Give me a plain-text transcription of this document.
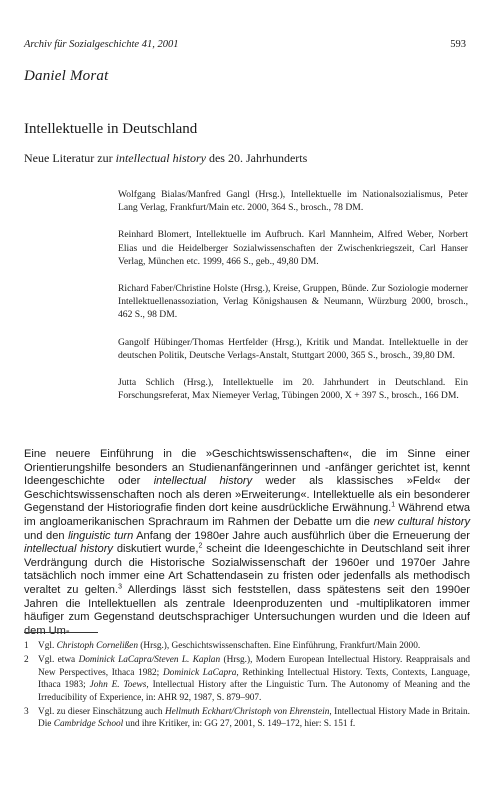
Archiv für Sozialgeschichte 41, 2001	593
Daniel Morat
Intellektuelle in Deutschland
Neue Literatur zur intellectual history des 20. Jahrhunderts

Wolfgang Bialas/Manfred Gangl (Hrsg.), Intellektuelle im Nationalsozialismus, Peter Lang Verlag, Frankfurt/Main etc. 2000, 364 S., brosch., 78 DM.

Reinhard Blomert, Intellektuelle im Aufbruch. Karl Mannheim, Alfred Weber, Norbert Elias und die Heidelberger Sozialwissenschaften der Zwischenkriegszeit, Carl Hanser Verlag, München etc. 1999, 466 S., geb., 49,80 DM.

Richard Faber/Christine Holste (Hrsg.), Kreise, Gruppen, Bünde. Zur Soziologie moderner Intellektuellenassoziation, Verlag Königshausen & Neumann, Würzburg 2000, brosch., 462 S., 98 DM.

Gangolf Hübinger/Thomas Hertfelder (Hrsg.), Kritik und Mandat. Intellektuelle in der deutschen Politik, Deutsche Verlags-Anstalt, Stuttgart 2000, 365 S., brosch., 39,80 DM.

Jutta Schlich (Hrsg.), Intellektuelle im 20. Jahrhundert in Deutschland. Ein Forschungsreferat, Max Niemeyer Verlag, Tübingen 2000, X + 397 S., brosch., 166 DM.

Eine neuere Einführung in die »Geschichtswissenschaften«, die im Sinne einer Orientierungshilfe besonders an Studienanfängerinnen und -anfänger gerichtet ist, kennt Ideengeschichte oder intellectual history weder als klassisches »Feld« der Geschichtswissenschaften noch als deren »Erweiterung«. Intellektuelle als ein besonderer Gegenstand der Historiografie finden dort keine ausdrückliche Erwähnung.$^1$ Während etwa im angloamerikanischen Sprachraum im Rahmen der Debatte um die new cultural history und den linguistic turn Anfang der 1980er Jahre auch ausführlich über die Erneuerung der intellectual history diskutiert wurde,$^2$ scheint die Ideengeschichte in Deutschland seit ihrer Verdrängung durch die Historische Sozialwissenschaft der 1960er und 1970er Jahre tatsächlich noch immer eine Art Schattendasein zu fristen oder jedenfalls als methodisch veraltet zu gelten.$^3$ Allerdings lässt sich feststellen, dass spätestens seit den 1990er Jahren die Intellektuellen als zentrale Ideenproduzenten und -multiplikatoren immer häufiger zum Gegenstand deutschsprachiger Untersuchungen wurden und die Ideen auf dem Um-
1	Vgl. Christoph Cornelißen (Hrsg.), Geschichtswissenschaften. Eine Einführung, Frankfurt/Main 2000.
2	Vgl. etwa Dominick LaCapra/Steven L. Kaplan (Hrsg.), Modern European Intellectual History. Reappraisals and New Perspectives, Ithaca 1982; Dominick LaCapra, Rethinking Intellectual History. Texts, Contexts, Language, Ithaca 1983; John E. Toews, Intellectual History after the Linguistic Turn. The Autonomy of Meaning and the Irreducibility of Experience, in: AHR 92, 1987, S. 879–907.
3	Vgl. zu dieser Einschätzung auch Hellmuth Eckhart/Christoph von Ehrenstein, Intellectual History Made in Britain. Die Cambridge School und ihre Kritiker, in: GG 27, 2001, S. 149–172, hier: S. 151 f.
